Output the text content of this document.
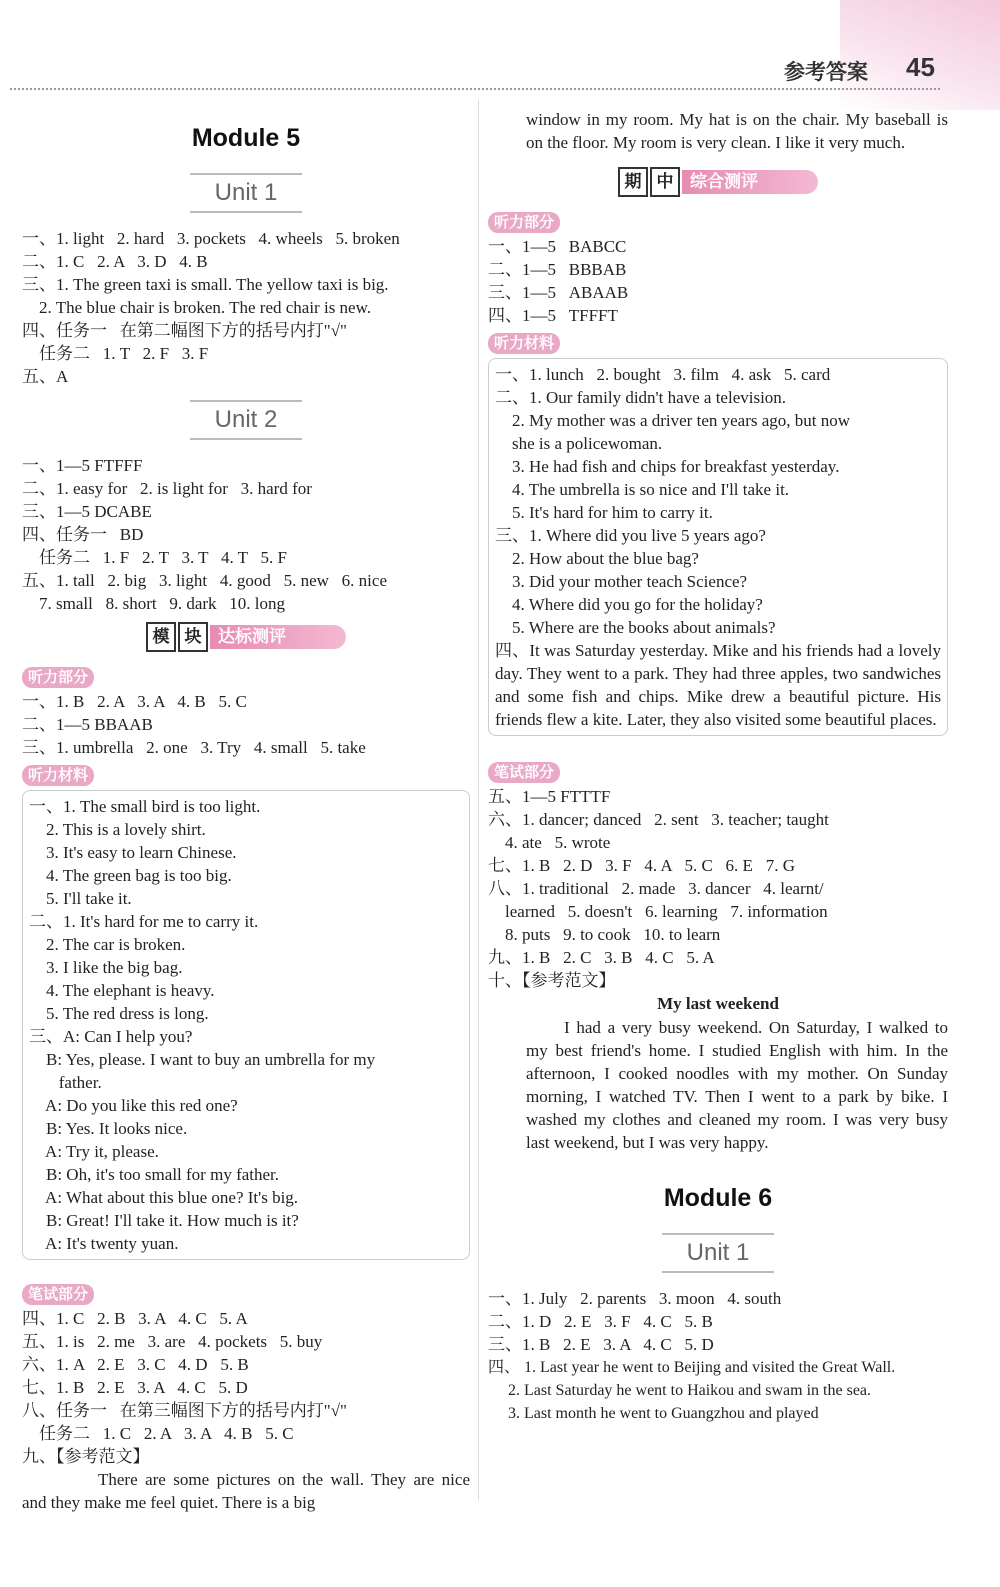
参考答案 45
Module 5
Unit 1
一、1. light   2. hard   3. pockets   4. wheels   5. broken
二、1. C   2. A   3. D   4. B
三、1. The green taxi is small. The yellow taxi is big.
2. The blue chair is broken. The red chair is new.
四、任务一   在第二幅图下方的括号内打"√"
任务二   1. T   2. F   3. F
五、A
Unit 2
一、1—5 FTFFF
二、1. easy for   2. is light for   3. hard for
三、1—5 DCABE
四、任务一   BD
任务二   1. F   2. T   3. T   4. T   5. F
五、1. tall   2. big   3. light   4. good   5. new   6. nice
7. small   8. short   9. dark   10. long
模 块 达标测评
听力部分
一、1. B   2. A   3. A   4. B   5. C
二、1—5 BBAAB
三、1. umbrella   2. one   3. Try   4. small   5. take
听力材料
一、1. The small bird is too light.
2. This is a lovely shirt.
3. It's easy to learn Chinese.
4. The green bag is too big.
5. I'll take it.
二、1. It's hard for me to carry it.
2. The car is broken.
3. I like the big bag.
4. The elephant is heavy.
5. The red dress is long.
三、A: Can I help you?
B: Yes, please. I want to buy an umbrella for my
father.
A: Do you like this red one?
B: Yes. It looks nice.
A: Try it, please.
B: Oh, it's too small for my father.
A: What about this blue one? It's big.
B: Great! I'll take it. How much is it?
A: It's twenty yuan.
笔试部分
四、1. C   2. B   3. A   4. C   5. A
五、1. is   2. me   3. are   4. pockets   5. buy
六、1. A   2. E   3. C   4. D   5. B
七、1. B   2. E   3. A   4. C   5. D
八、任务一   在第三幅图下方的括号内打"√"
任务二   1. C   2. A   3. A   4. B   5. C
九、【参考范文】
There are some pictures on the wall. They are nice and they make me feel quiet. There is a big
window in my room. My hat is on the chair. My baseball is on the floor. My room is very clean. I like it very much.
期 中 综合测评
听力部分
一、1—5   BABCC
二、1—5   BBBAB
三、1—5   ABAAB
四、1—5   TFFFT
听力材料
一、1. lunch   2. bought   3. film   4. ask   5. card
二、1. Our family didn't have a television.
2. My mother was a driver ten years ago, but now
she is a policewoman.
3. He had fish and chips for breakfast yesterday.
4. The umbrella is so nice and I'll take it.
5. It's hard for him to carry it.
三、1. Where did you live 5 years ago?
2. How about the blue bag?
3. Did your mother teach Science?
4. Where did you go for the holiday?
5. Where are the books about animals?
四、It was Saturday yesterday. Mike and his friends had a lovely day. They went to a park. They had three apples, two sandwiches and some fish and chips. Mike drew a beautiful picture. His friends flew a kite. Later, they also visited some beautiful places.
笔试部分
五、1—5 FTTTF
六、1. dancer; danced   2. sent   3. teacher; taught
4. ate   5. wrote
七、1. B   2. D   3. F   4. A   5. C   6. E   7. G
八、1. traditional   2. made   3. dancer   4. learnt/
learned   5. doesn't   6. learning   7. information
8. puts   9. to cook   10. to learn
九、1. B   2. C   3. B   4. C   5. A
十、【参考范文】
My last weekend
I had a very busy weekend. On Saturday, I walked to my best friend's home. I studied English with him. In the afternoon, I cooked noodles with my mother. On Sunday morning, I watched TV. Then I went to a park by bike. I washed my clothes and cleaned my room. I was very busy last weekend, but I was very happy.
Module 6
Unit 1
一、1. July   2. parents   3. moon   4. south
二、1. D   2. E   3. F   4. C   5. B
三、1. B   2. E   3. A   4. C   5. D
四、 1. Last year he went to Beijing and visited the Great Wall.
2. Last Saturday he went to Haikou and swam in the sea.
3. Last month he went to Guangzhou and played
